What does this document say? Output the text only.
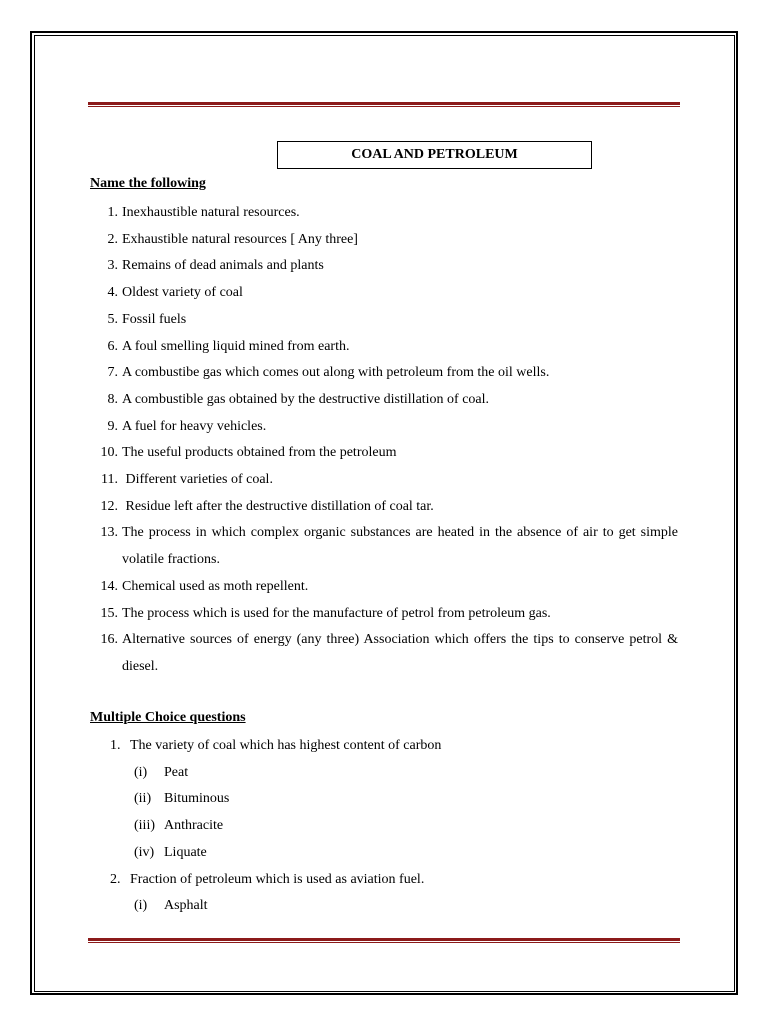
COAL AND PETROLEUM
Name the following
1. Inexhaustible natural resources.
2. Exhaustible natural resources [ Any three]
3. Remains of dead animals and plants
4. Oldest variety of coal
5. Fossil fuels
6. A foul smelling liquid mined from earth.
7. A combustibe gas which comes out along with petroleum from the oil wells.
8. A combustible gas obtained by the destructive distillation of coal.
9. A fuel for heavy vehicles.
10. The useful products obtained from the petroleum
11. Different varieties of coal.
12. Residue left after the destructive distillation of coal tar.
13. The process in which complex organic substances are heated in the absence of air to get simple volatile fractions.
14. Chemical used as moth repellent.
15. The process which is used for the manufacture of petrol from petroleum gas.
16. Alternative sources of energy (any three) Association which offers the tips to conserve petrol & diesel.
Multiple Choice questions
1. The variety of coal which has highest content of carbon
(i)	Peat
(ii) Bituminous
(iii) Anthracite
(iv) Liquate
2. Fraction of petroleum which is used as aviation fuel.
(i)	Asphalt
